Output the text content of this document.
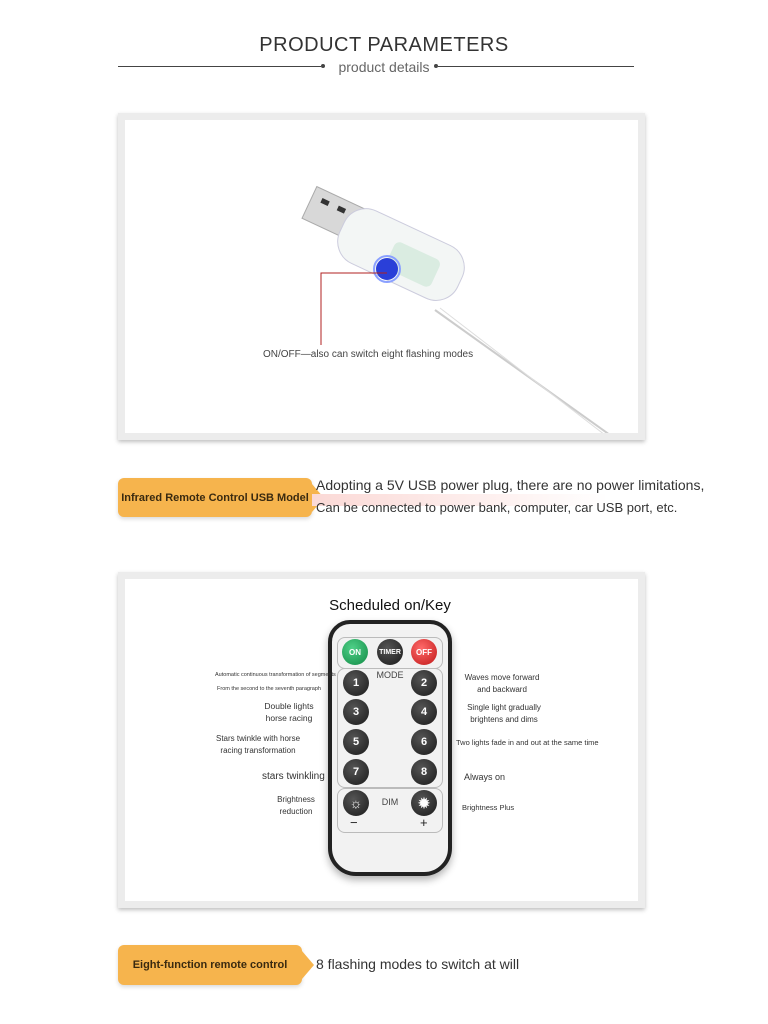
PRODUCT PARAMETERS
product details
ON/OFF—also can switch eight flashing modes
Infrared Remote Control USB Model
Adopting a 5V USB power plug, there are no power limitations,
Can be connected to power bank, computer, car USB port, etc.
Scheduled on/Key
ON	TIMER	OFF
MODE
1	2
3	4
5	6
7	8
☼	✹
DIM
−	+
Automatic continuous transformation of segments
From the second to the seventh paragraph
Double lights horse racing
Stars twinkle with horse racing transformation
stars twinkling
Brightness reduction
Waves move forward and backward
Single light gradually brightens and dims
Two lights fade in and out at the same time
Always on
Brightness Plus
Eight-function remote control 8 flashing modes to switch at will
